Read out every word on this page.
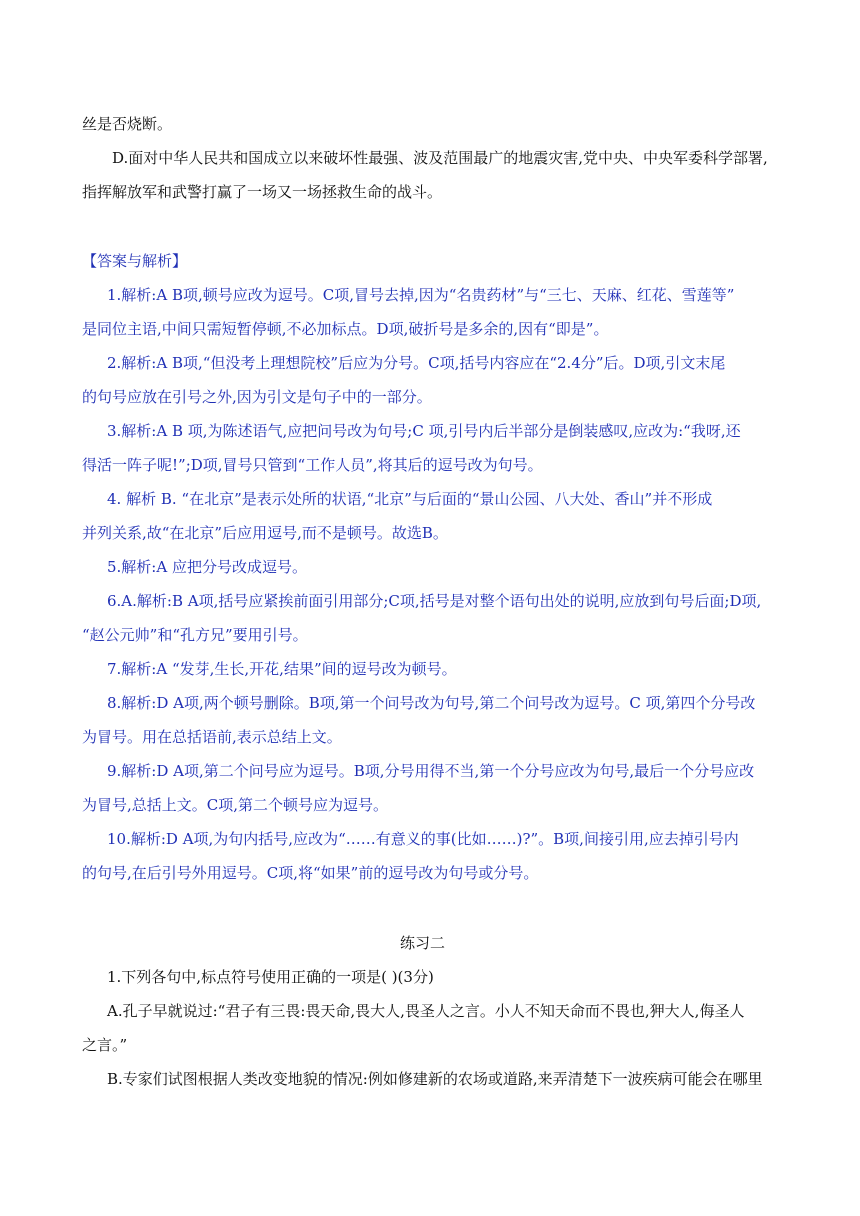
丝是否烧断。
D.面对中华人民共和国成立以来破坏性最强、波及范围最广的地震灾害,党中央、中央军委科学部署,
指挥解放军和武警打赢了一场又一场拯救生命的战斗。
【答案与解析】
1.解析:A B项,顿号应改为逗号。C项,冒号去掉,因为“名贵药材”与“三七、天麻、红花、雪莲等”
是同位主语,中间只需短暂停顿,不必加标点。D项,破折号是多余的,因有“即是”。
2.解析:A B项,“但没考上理想院校”后应为分号。C项,括号内容应在“2.4分”后。D项,引文末尾
的句号应放在引号之外,因为引文是句子中的一部分。
3.解析:A B 项,为陈述语气,应把问号改为句号;C 项,引号内后半部分是倒装感叹,应改为:“我呀,还
得活一阵子呢!”;D项,冒号只管到“工作人员”,将其后的逗号改为句号。
4. 解析 B. “在北京”是表示处所的状语,“北京”与后面的“景山公园、八大处、香山”并不形成
并列关系,故“在北京”后应用逗号,而不是顿号。故选B。
5.解析:A 应把分号改成逗号。
6.A.解析:B A项,括号应紧挨前面引用部分;C项,括号是对整个语句出处的说明,应放到句号后面;D项,
“赵公元帅”和“孔方兄”要用引号。
7.解析:A “发芽,生长,开花,结果”间的逗号改为顿号。
8.解析:D A项,两个顿号删除。B项,第一个问号改为句号,第二个问号改为逗号。C 项,第四个分号改
为冒号。用在总括语前,表示总结上文。
9.解析:D A项,第二个问号应为逗号。B项,分号用得不当,第一个分号应改为句号,最后一个分号应改
为冒号,总括上文。C项,第二个顿号应为逗号。
10.解析:D A项,为句内括号,应改为“……有意义的事(比如……)?”。B项,间接引用,应去掉引号内
的句号,在后引号外用逗号。C项,将“如果”前的逗号改为句号或分号。
练习二
1.下列各句中,标点符号使用正确的一项是( )(3分)
A.孔子早就说过:“君子有三畏:畏天命,畏大人,畏圣人之言。小人不知天命而不畏也,狎大人,侮圣人
之言。”
B.专家们试图根据人类改变地貌的情况:例如修建新的农场或道路,来弄清楚下一波疾病可能会在哪里
